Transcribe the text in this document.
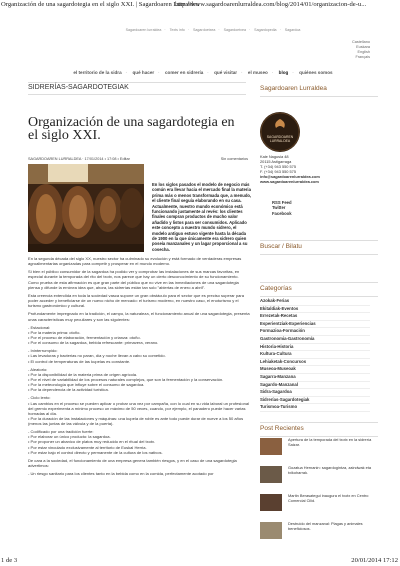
Organización de una sagardotegia en el siglo XXI. | Sagardoaren Lurraldea
http://www.sagardoarenlurraldea.com/blog/2014/01/organizacion-de-u...
Sagardoaren lurraldea · Texts info · Sagardoetxea · Sagardoetxea · Sagardopedia · Sagardoa
Castellano
Euskara
English
Français
el territorio de la sidra · qué hacer · comer en sidrería · qué visitar · el museo · blog · quiénes somos
SIDRERÍAS-SAGARDOTEGIAK
Organización de una sagardotegia en el siglo XXI.
SAGARDOAREN LURRALDEA · 17/01/2014 • 17:08 • Editar	Sin comentarios
En los siglos pasados el modelo de negocio más común era llevar hacia el mercado final la materia prima más o menos transformada que, a menudo, el cliente final seguía elaborando en su casa. Actualmente, nuestro mundo económico está funcionando justamente al revés: los clientes finales compran productos de mucho valor añadido y listos para ser consumidos. Aplicado este concepto a nuestro mundo sidrero, el modelo antiguo estuvo vigente hasta la década de 1900 en la que únicamente era sidrero quien poseía manzanales y un lagar proporcional a su cosecha.

En la segunda década del siglo XX, nuestro sector ha culminado su evolución y está formado de verdaderas empresas agroalimentarias organizadas para competir y prosperar en el mundo moderno.

Si bien el público consumidor de la sagardoa ha podido ver y comprobar las instalaciones de sus marcas favoritas, en especial durante la temporada del rito del txotx, nos parece que hay un cierto desconocimiento de su funcionamiento. Como prueba de esta afirmación es que gran parte del público que no vive en las inmediaciones de una sagardotegia piensa y difunde la errónea idea que, ahora, las sidrerías están tan solo "abiertas de enero a abril".

Esta creencia extendida en toda la sociedad vasca supone un gran obstáculo para el sector que es preciso superar para poder acceder y beneficiarse de un nuevo nicho de mercado: el turismo moderno, en nuestro caso, el enoturismo y el turismo gastronómico y cultural.

Profundamente impregnado en la tradición, el campo, la naturaleza, el funcionamiento anual de una sagardotegia, presenta unas características muy peculiares y son las siguientes:

- Estacional:
• Por la materia prima: otoño.
• Por el proceso de elaboración, fermentación y crianza: otoño.

• Por el consumo de la sagardoa, bebida refrescante: primavera, verano.

- Ininterrumpido:
• Las levaduras y bacterias no paran, día y noche llevan a cabo su cometido.

• El control de temperaturas de las kupelas es constante.

- Aleatorio:
• Por la disponibilidad de la materia prima de origen agrícola.
• Por el nivel de variabilidad de los procesos naturales complejos, que son la fermentación y la conservación.
• Por la meteorología que influye sobre el consumo de sagardoa.

• Por la dependencia de la actividad turística.

- Ciclo lento:
• Las cambios en el proceso se pueden aplicar o probar una vez por campaña, con lo cual en su vida laboral un profesional del gremio experimenta a mínimo proceso un máximo de 50 veces, cuando, por ejemplo, el panadero puede hacer varias hornadas al día.

• Por la duración de las instalaciones y máquinas: una kupela de roble es ante todo puede durar de nueve a los 50 años (menos las juntas de las válvula y de la puerta).

- Codificado por una tradición fuerte:
• Por elaborar un único producto: la sagardoa.
• Por proponer un abanico de platos muy reducido en el ritual del txotx.
• Por estar vinculado exclusivamente al territorio de Euskal Herria.

• Por estar bajo el control directo y permanente de la cultura de los nativos.

De cara a la sociedad, el funcionamiento de una empresa genera también riesgos, y en el caso de una sagardotegia advertimos:

- Un riesgo sanitario para los clientes tanto en la bebida como en la comida, perfectamente acotado por
Sagardoaren Lurraldea
SAGARDOAREN
LURRALDEA
Kale Nagusia 48
20115 Astigarraga
T. (+34) 943 550 575
F. (+34) 943 550 575
info@sagardoarenlurraldea.com
www.sagardoarenlurraldea.com
RSS Feed
Twitter
Facebook
Buscar / Bilatu
Categorías
Azokak-Ferias
Ekitaldiak-Eventos
Errezetak-Recetas
Esperientziak-Experiencias
Formazioa-Formación
Gastronomia-Gastronomía
Historia-Historia
Kultura-Cultura
Lehiaketak-Concursos
Museoa-Museoak
Sagarra-Manzana
Sagardo-Manzanal
Sidra-Sagardoa
Sidrerías-Sagardotegiak
Turismoa-Turismo
Post Recientes
Apertura de la temporada del txotx en la sidrería Saizar.
Gozatua Hernanin: sagardogintza, zaindwak eta txikoharrak.
Martin Berasategui inaugura el txotx en Centro Comercial Cilid.
Destruido del manzanal: Plagas y animales beneficiosos.
1 de 3	20/01/2014 17:12
